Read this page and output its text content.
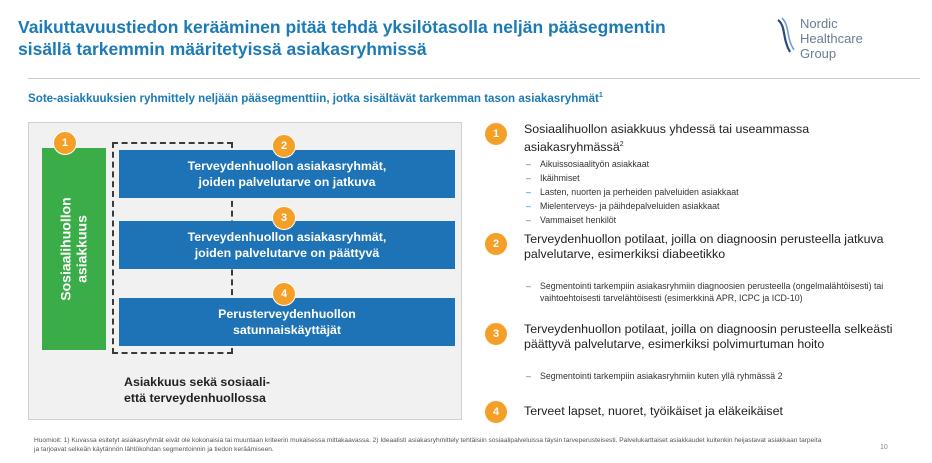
Vaikuttavuustiedon kerääminen pitää tehdä yksilötasolla neljän pääsegmentin sisällä tarkemmin määritetyissä asiakasryhmissä
Nordic
Healthcare
Group
Sote-asiakkuuksien ryhmittely neljään pääsegmenttiin, jotka sisältävät tarkemman tason asiakasryhmät$^1$
Sosiaalihuollon
asiakkuus
Terveydenhuollon asiakasryhmät,
joiden palvelutarve on jatkuva
Terveydenhuollon asiakasryhmät,
joiden palvelutarve on päättyvä
Perusterveydenhuollon
satunnaiskäyttäjät
1	2
3
4
Asiakkuus sekä sosiaali-
että terveydenhuollossa
1	Sosiaalihuollon asiakkuus yhdessä tai useammassa asiakasryhmässä$^2$
– Aikuissosiaalityön asiakkaat
– Ikäihmiset
– Lasten, nuorten ja perheiden palveluiden asiakkaat
– Mielenterveys- ja päihdepalveluiden asiakkaat
– Vammaiset henkilöt
2	Terveydenhuollon potilaat, joilla on diagnoosin perusteella jatkuva palvelutarve, esimerkiksi diabeetikko
– Segmentointi tarkempiin asiakasryhmiin diagnoosien perusteella (ongelmalähtöisesti) tai vaihtoehtoisesti tarvelähtöisesti (esimerkkinä APR, ICPC ja ICD-10)
3	Terveydenhuollon potilaat, joilla on diagnoosin perusteella selkeästi päättyvä palvelutarve, esimerkiksi polvimurtuman hoito
– Segmentointi tarkempiin asiakasryhmiin kuten yllä ryhmässä 2
4	Terveet lapset, nuoret, työikäiset ja eläkeikäiset
Huomioit: 1) Kuvassa esitetyt asiakasryhmät eivät ole kokonaisia tai muuntaan kriteerin mukaisessa mittakaavassa. 2) Ideaalisti asiakasryhmittely tehtäisiin sosiaalipalveluissa täysin tarveperusteisesti. Palvelukarttaiset asiakkaudet kuitenkin heijastavat asiakkaan tarpeita ja tarjoavat selkeän käytännön lähtökohdan segmentoinnin ja tiedon keräämiseen.	10
